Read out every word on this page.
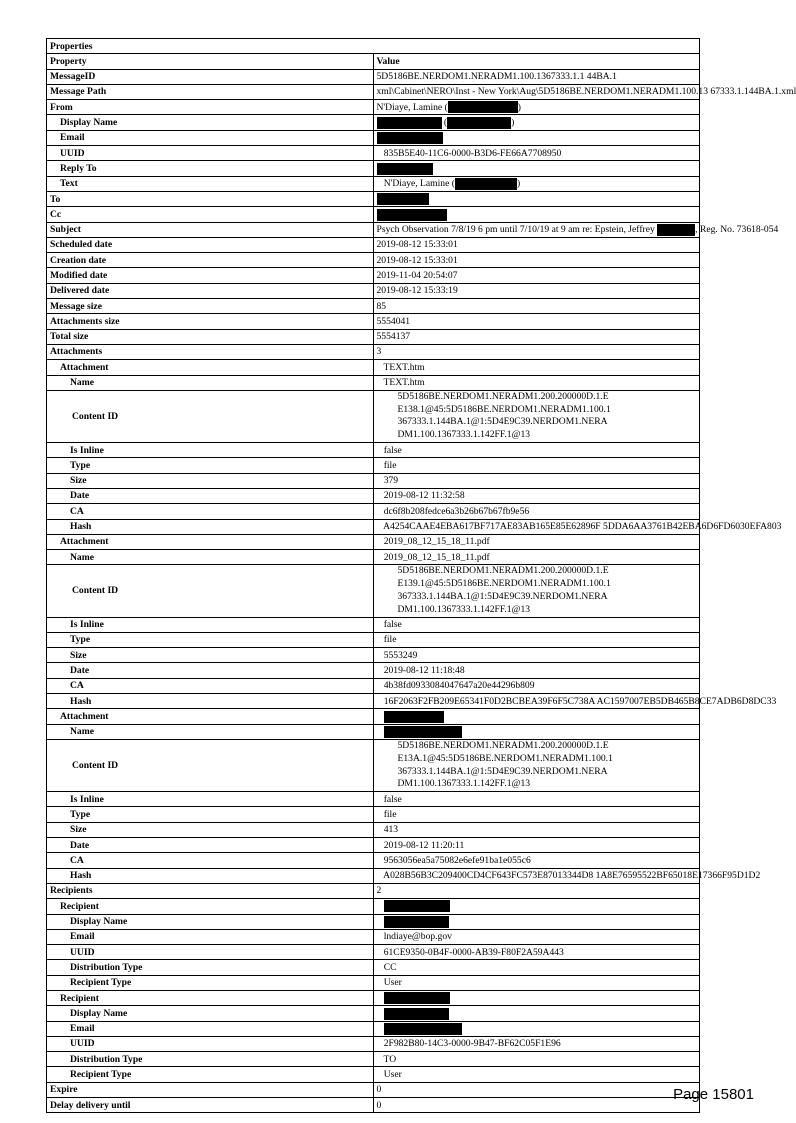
Properties	
Property	Value
MessageID	5D5186BE.NERDOM1.NERADM1.100.1367333.1.1 44BA.1
Message Path	xml\Cabinet\NERO\Inst - New York\Aug\5D5186BE.NERDOM1.NERADM1.100.13 67333.1.144BA.1.xml
From	N'Diaye, Lamine ( )
Display Name	( )
Email	
UUID	835B5E40-11C6-0000-B3D6-FE66A7708950
Reply To	
Text	N'Diaye, Lamine ( )
To	
Cc	
Subject	Psych Observation 7/8/19 6 pm until 7/10/19 at 9 am re: Epstein, Jeffrey , Reg. No. 73618-054
Scheduled date	2019-08-12 15:33:01
Creation date	2019-08-12 15:33:01
Modified date	2019-11-04 20:54:07
Delivered date	2019-08-12 15:33:19
Message size	85
Attachments size	5554041
Total size	5554137
Attachments	3
Attachment	TEXT.htm
Name	TEXT.htm
Content ID	5D5186BE.NERDOM1.NERADM1.200.200000D.1.E
E138.1@45:5D5186BE.NERDOM1.NERADM1.100.1
367333.1.144BA.1@1:5D4E9C39.NERDOM1.NERA DM1.100.1367333.1.142FF.1@13

Is Inline	false
Type	file
Size	379
Date	2019-08-12 11:32:58
CA	dc6f8b208fedce6a3b26b67b67fb9e56
Hash	A4254CAAE4EBA617BF717AE83AB165E85E62896F 5DDA6AA3761B42EBA6D6FD6030EFA803
Attachment	2019_08_12_15_18_11.pdf
Name	2019_08_12_15_18_11.pdf
Content ID	5D5186BE.NERDOM1.NERADM1.200.200000D.1.E
E139.1@45:5D5186BE.NERDOM1.NERADM1.100.1
367333.1.144BA.1@1:5D4E9C39.NERDOM1.NERA DM1.100.1367333.1.142FF.1@13

Is Inline	false
Type	file
Size	5553249
Date	2019-08-12 11:18:48
CA	4b38fd0933084047647a20e44296b809
Hash	16F2063F2FB209E65341F0D2BCBEA39F6F5C738A AC1597007EB5DB465B8CE7ADB6D8DC33
Attachment	
Name	
Content ID	5D5186BE.NERDOM1.NERADM1.200.200000D.1.E
E13A.1@45:5D5186BE.NERDOM1.NERADM1.100.1
367333.1.144BA.1@1:5D4E9C39.NERDOM1.NERA DM1.100.1367333.1.142FF.1@13

Is Inline	false
Type	file
Size	413
Date	2019-08-12 11:20:11
CA	9563056ea5a75082e6efe91ba1e055c6
Hash	A028B56B3C209400CD4CF643FC573E87013344D8 1A8E76595522BF65018E17366F95D1D2
Recipients	2
Recipient	
Display Name	
Email	lndiaye@bop.gov
UUID	61CE9350-0B4F-0000-AB39-F80F2A59A443
Distribution Type	CC
Recipient Type	User
Recipient	
Display Name	
Email	
UUID	2F982B80-14C3-0000-9B47-BF62C05F1E96
Distribution Type	TO
Recipient Type	User
Expire	0
Delay delivery until	0
Page 15801
